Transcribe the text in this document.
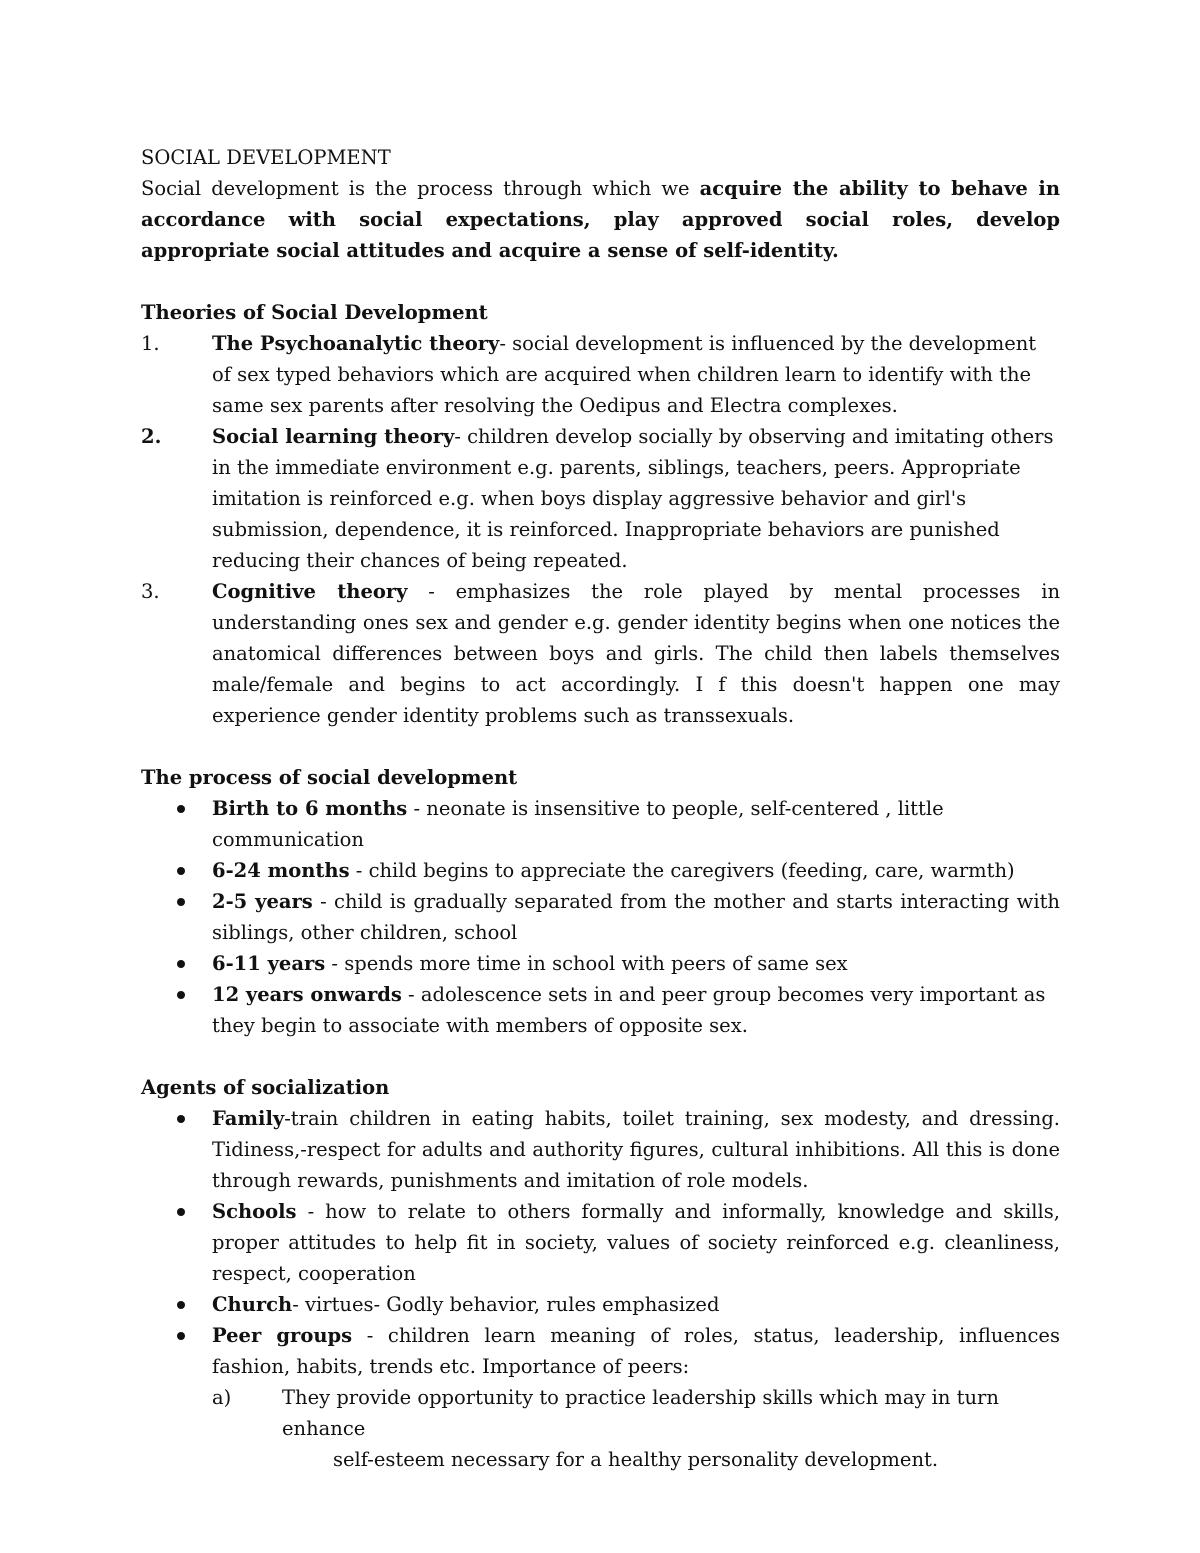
SOCIAL DEVELOPMENT

Social development is the process through which we acquire the ability to behave in accordance with social expectations, play approved social roles, develop appropriate social attitudes and acquire a sense of self-identity.

Theories of Social Development

1.	The Psychoanalytic theory- social development is influenced by the development of sex typed behaviors which are acquired when children learn to identify with the same sex parents after resolving the Oedipus and Electra complexes.

2.	Social learning theory- children develop socially by observing and imitating others in the immediate environment e.g. parents, siblings, teachers, peers. Appropriate imitation is reinforced e.g. when boys display aggressive behavior and girl's submission, dependence, it is reinforced. Inappropriate behaviors are punished reducing their chances of being repeated.

3.	Cognitive theory - emphasizes the role played by mental processes in understanding ones sex and gender e.g. gender identity begins when one notices the anatomical differences between boys and girls. The child then labels themselves male/female and begins to act accordingly. I f this doesn't happen one may experience gender identity problems such as transsexuals.

The process of social development

Birth to 6 months - neonate is insensitive to people, self-centered , little communication

6-24 months - child begins to appreciate the caregivers (feeding, care, warmth)

2-5 years - child is gradually separated from the mother and starts interacting with siblings, other children, school

6-11 years - spends more time in school with peers of same sex

12 years onwards - adolescence sets in and peer group becomes very important as they begin to associate with members of opposite sex.

Agents of socialization

Family-train children in eating habits, toilet training, sex modesty, and dressing. Tidiness,-respect for adults and authority figures, cultural inhibitions. All this is done through rewards, punishments and imitation of role models.

Schools - how to relate to others formally and informally, knowledge and skills, proper attitudes to help fit in society, values of society reinforced e.g. cleanliness, respect, cooperation

Church- virtues- Godly behavior, rules emphasized

Peer groups - children learn meaning of roles, status, leadership, influences fashion, habits, trends etc. Importance of peers:

a)	They provide opportunity to practice leadership skills which may in turn enhance
self-esteem necessary for a healthy personality development.
